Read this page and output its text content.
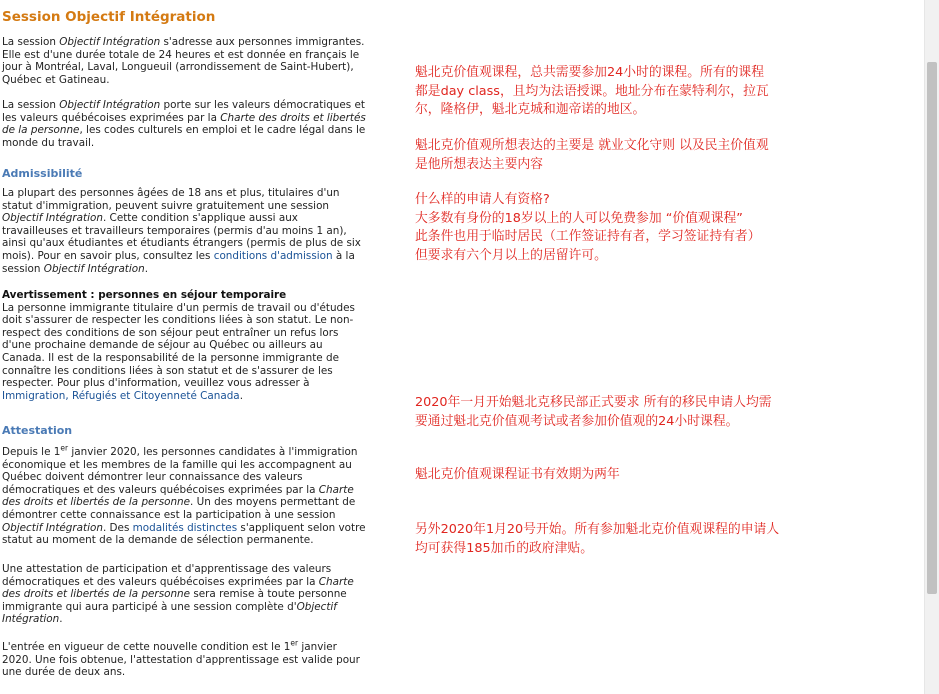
Session Objectif Intégration

La session Objectif Intégration s'adresse aux personnes immigrantes. Elle est d'une durée totale de 24 heures et est donnée en français le jour à Montréal, Laval, Longueuil (arrondissement de Saint-Hubert), Québec et Gatineau.

La session Objectif Intégration porte sur les valeurs démocratiques et les valeurs québécoises exprimées par la Charte des droits et libertés de la personne, les codes culturels en emploi et le cadre légal dans le monde du travail.

Admissibilité

La plupart des personnes âgées de 18 ans et plus, titulaires d'un statut d'immigration, peuvent suivre gratuitement une session Objectif Intégration. Cette condition s'applique aussi aux travailleuses et travailleurs temporaires (permis d'au moins 1 an), ainsi qu'aux étudiantes et étudiants étrangers (permis de plus de six mois). Pour en savoir plus, consultez les conditions d'admission à la session Objectif Intégration.

Avertissement : personnes en séjour temporaire
La personne immigrante titulaire d'un permis de travail ou d'études doit s'assurer de respecter les conditions liées à son statut. Le non-respect des conditions de son séjour peut entraîner un refus lors d'une prochaine demande de séjour au Québec ou ailleurs au Canada. Il est de la responsabilité de la personne immigrante de connaître les conditions liées à son statut et de s'assurer de les respecter. Pour plus d'information, veuillez vous adresser à Immigration, Réfugiés et Citoyenneté Canada.

Attestation

Depuis le 1er janvier 2020, les personnes candidates à l'immigration économique et les membres de la famille qui les accompagnent au Québec doivent démontrer leur connaissance des valeurs démocratiques et des valeurs québécoises exprimées par la Charte des droits et libertés de la personne. Un des moyens permettant de démontrer cette connaissance est la participation à une session Objectif Intégration. Des modalités distinctes s'appliquent selon votre statut au moment de la demande de sélection permanente.

Une attestation de participation et d'apprentissage des valeurs démocratiques et des valeurs québécoises exprimées par la Charte des droits et libertés de la personne sera remise à toute personne immigrante qui aura participé à une session complète d'Objectif Intégration.

L'entrée en vigueur de cette nouvelle condition est le 1er janvier 2020. Une fois obtenue, l'attestation d'apprentissage est valide pour une durée de deux ans.

魁北克价值观课程，总共需要参加24小时的课程。所有的课程

都是day class，且均为法语授课。地址分布在蒙特利尔，拉瓦

尔，隆格伊，魁北克城和迦帝诺的地区。

魁北克价值观所想表达的主要是 就业文化守则 以及民主价值观

是他所想表达主要内容

什么样的申请人有资格?

大多数有身份的18岁以上的人可以免费参加 “价值观课程”

此条件也用于临时居民（工作签证持有者，学习签证持有者）

但要求有六个月以上的居留许可。

2020年一月开始魁北克移民部正式要求 所有的移民申请人均需

要通过魁北克价值观考试或者参加价值观的24小时课程。

魁北克价值观课程证书有效期为两年

另外2020年1月20号开始。所有参加魁北克价值观课程的申请人

均可获得185加币的政府津贴。
